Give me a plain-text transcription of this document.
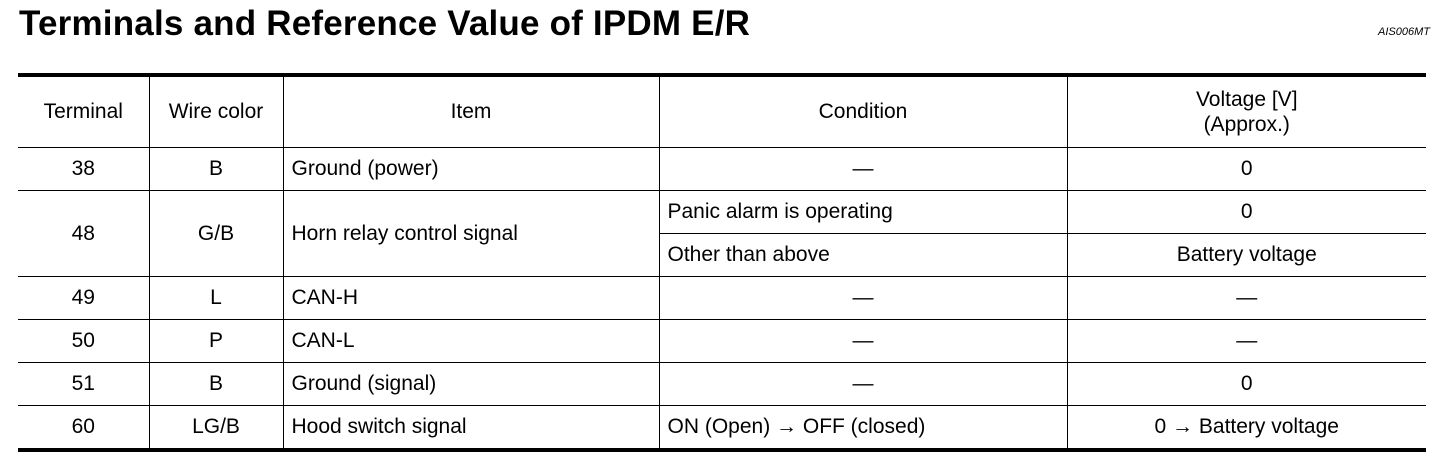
Terminals and Reference Value of IPDM E/R	AIS006MT
Terminal	Wire color	Item	Condition	Voltage [V]
(Approx.)

38	B	Ground (power)	—	0
48	G/B	Horn relay control signal	Panic alarm is operating	0
			Other than above	Battery voltage
49	L	CAN-H	—	—
50	P	CAN-L	—	—
51	B	Ground (signal)	—	0
60	LG/B	Hood switch signal	ON (Open) → OFF (closed)	0 → Battery voltage
